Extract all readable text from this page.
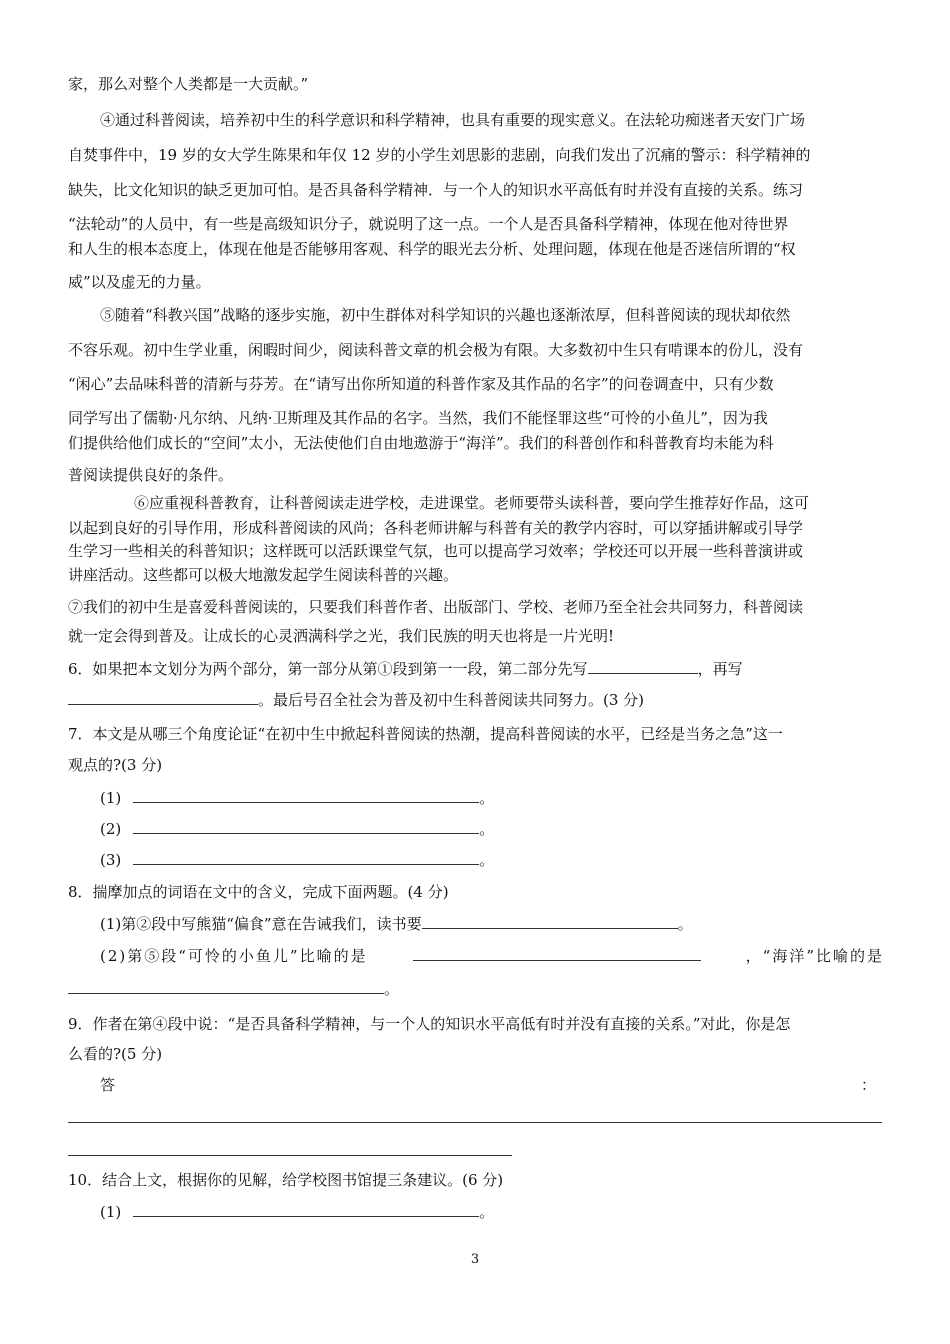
家，那么对整个人类都是一大贡献。”
④通过科普阅读，培养初中生的科学意识和科学精神，也具有重要的现实意义。在法轮功痴迷者天安门广场
自焚事件中，19 岁的女大学生陈果和年仅 12 岁的小学生刘思影的悲剧，向我们发出了沉痛的警示：科学精神的
缺失，比文化知识的缺乏更加可怕。是否具备科学精神．与一个人的知识水平高低有时并没有直接的关系。练习
“法轮动”的人员中，有一些是高级知识分子，就说明了这一点。一个人是否具备科学精神，体现在他对待世界
和人生的根本态度上，体现在他是否能够用客观、科学的眼光去分析、处理问题，体现在他是否迷信所谓的“权
威”以及虚无的力量。
⑤随着“科教兴国”战略的逐步实施，初中生群体对科学知识的兴趣也逐渐浓厚，但科普阅读的现状却依然
不容乐观。初中生学业重，闲暇时间少，阅读科普文章的机会极为有限。大多数初中生只有啃课本的份儿，没有
“闲心”去品味科普的清新与芬芳。在“请写出你所知道的科普作家及其作品的名字”的问卷调查中，只有少数
同学写出了儒勒·凡尔纳、凡纳·卫斯理及其作品的名字。当然，我们不能怪罪这些“可怜的小鱼儿”，因为我
们提供给他们成长的“空间”太小，无法使他们自由地遨游于“海洋”。我们的科普创作和科普教育均未能为科
普阅读提供良好的条件。
⑥应重视科普教育，让科普阅读走进学校，走进课堂。老师要带头读科普，要向学生推荐好作品，这可
以起到良好的引导作用，形成科普阅读的风尚；各科老师讲解与科普有关的教学内容时，可以穿插讲解或引导学
生学习一些相关的科普知识；这样既可以活跃课堂气氛，也可以提高学习效率；学校还可以开展一些科普演讲或
讲座活动。这些都可以极大地激发起学生阅读科普的兴趣。
⑦我们的初中生是喜爱科普阅读的，只要我们科普作者、出版部门、学校、老师乃至全社会共同努力，科普阅读
就一定会得到普及。让成长的心灵洒满科学之光，我们民族的明天也将是一片光明!
6．如果把本文划分为两个部分，第一部分从第①段到第一一段，第二部分先写	，再写
。最后号召全社会为普及初中生科普阅读共同努力。(3 分)
7．本文是从哪三个角度论证“在初中生中掀起科普阅读的热潮，提高科普阅读的水平，已经是当务之急”这一
观点的?(3 分)
(1)	。
(2)	。
(3)	。
8．揣摩加点的词语在文中的含义，完成下面两题。(4 分)
(1)第②段中写熊猫“偏食”意在告诫我们，读书要	。
(2)第⑤段“可怜的小鱼儿”比喻的是	，“海洋”比喻的是
。
9．作者在第④段中说：“是否具备科学精神，与一个人的知识水平高低有时并没有直接的关系。”对此，你是怎
么看的?(5 分)
答	：
10．结合上文，根据你的见解，给学校图书馆提三条建议。(6 分)
(1)	。
3
